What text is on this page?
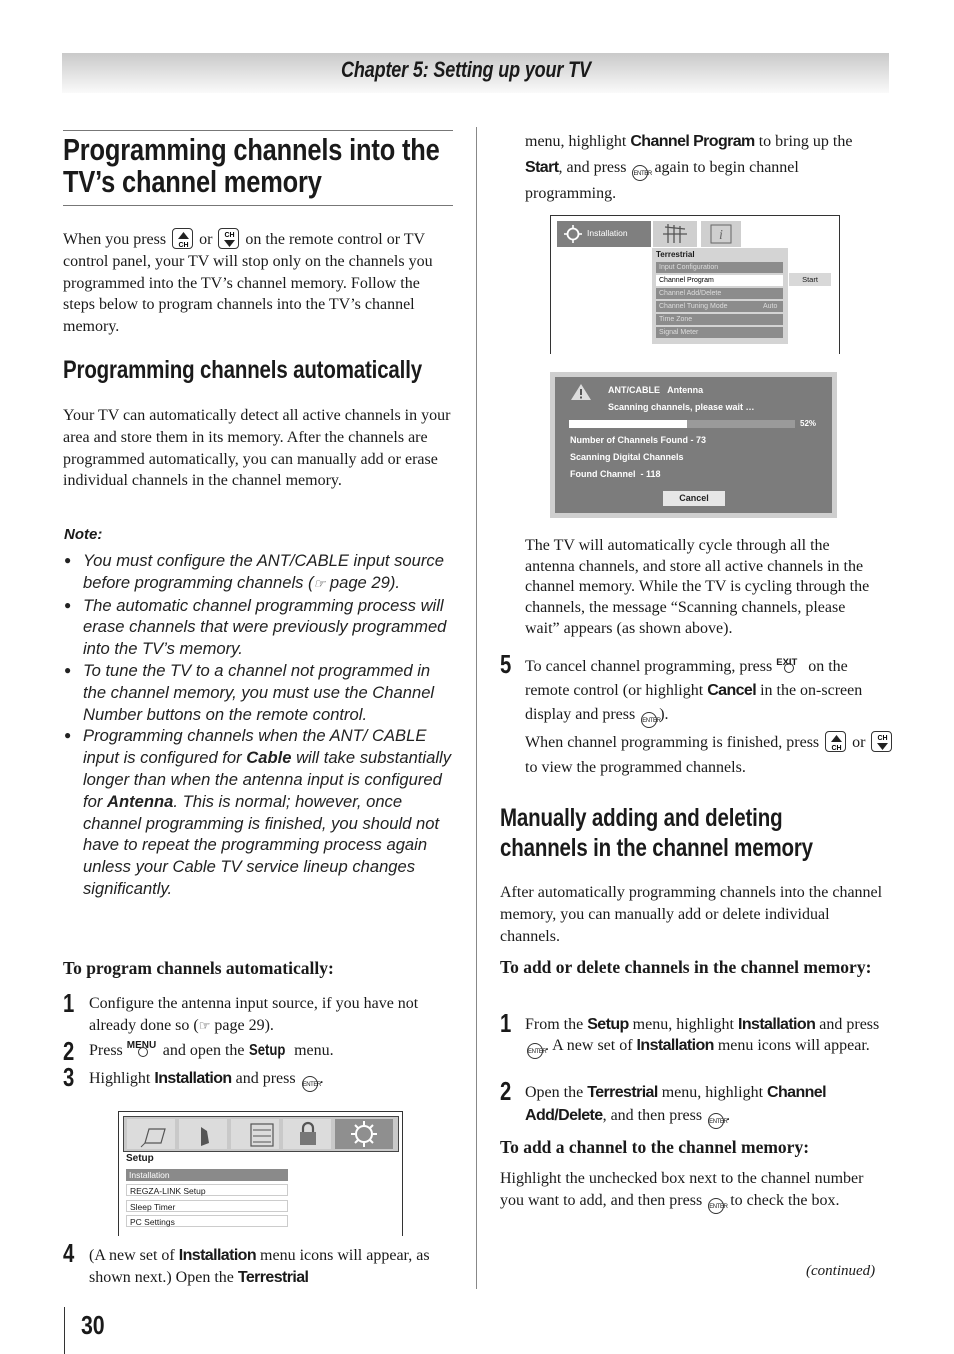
Chapter 5: Setting up your TV
Programming channels into the
TV’s channel memory
When you press CH or CH on the remote control or TV control panel, your TV will stop only on the channels you programmed into the TV’s channel memory. Follow the steps below to program channels into the TV’s channel memory.
Programming channels automatically
Your TV can automatically detect all active channels in your area and store them in its memory. After the channels are programmed automatically, you can manually add or erase individual channels in the channel memory.
Note:
● You must configure the ANT/CABLE input source before programming channels (☞ page 29).
● The automatic channel programming process will erase channels that were previously programmed into the TV’s memory.
● To tune the TV to a channel not programmed in the channel memory, you must use the Channel Number buttons on the remote control.
● Programming channels when the ANT/ CABLE input is configured for Cable will take substantially longer than when the antenna input is configured for Antenna. This is normal; however, once channel programming is finished, you should not have to repeat the programming process again unless your Cable TV service lineup changes significantly.
To program channels automatically:
1 Configure the antenna input source, if you have not already done so (☞ page 29).
2 Press MENU and open the Setup menu.
3 Highlight Installation and press ENTER.
Setup
Installation
REGZA-LINK Setup
Sleep Timer
PC Settings
4 (A new set of Installation menu icons will appear, as shown next.) Open the Terrestrial
30
menu, highlight Channel Program to bring up the Start, and press ENTER again to begin channel programming.
Installation	i
Terrestrial
Input Configuration
Channel Program
Channel Add/Delete
Channel Tuning Mode	Auto
Time Zone
Signal Meter
Start
ANT/CABLE   Antenna
Scanning channels, please wait …
52%
Number of Channels Found - 73
Scanning Digital Channels
Found Channel  - 118
Cancel
The TV will automatically cycle through all the antenna channels, and store all active channels in the channel memory. While the TV is cycling through the channels, the message “Scanning channels, please wait” appears (as shown above).
5 To cancel channel programming, press EXIT on the remote control (or highlight Cancel in the on-screen display and press ENTER).
When channel programming is finished, press CH or CH
to view the programmed channels.
Manually adding and deleting
channels in the channel memory
After automatically programming channels into the channel memory, you can manually add or delete individual channels.
To add or delete channels in the channel memory:
1 From the Setup menu, highlight Installation and press ENTER. A new set of Installation menu icons will appear.
2 Open the Terrestrial menu, highlight Channel Add/Delete, and then press ENTER.
To add a channel to the channel memory:
Highlight the unchecked box next to the channel number you want to add, and then press ENTER to check the box.
(continued)
